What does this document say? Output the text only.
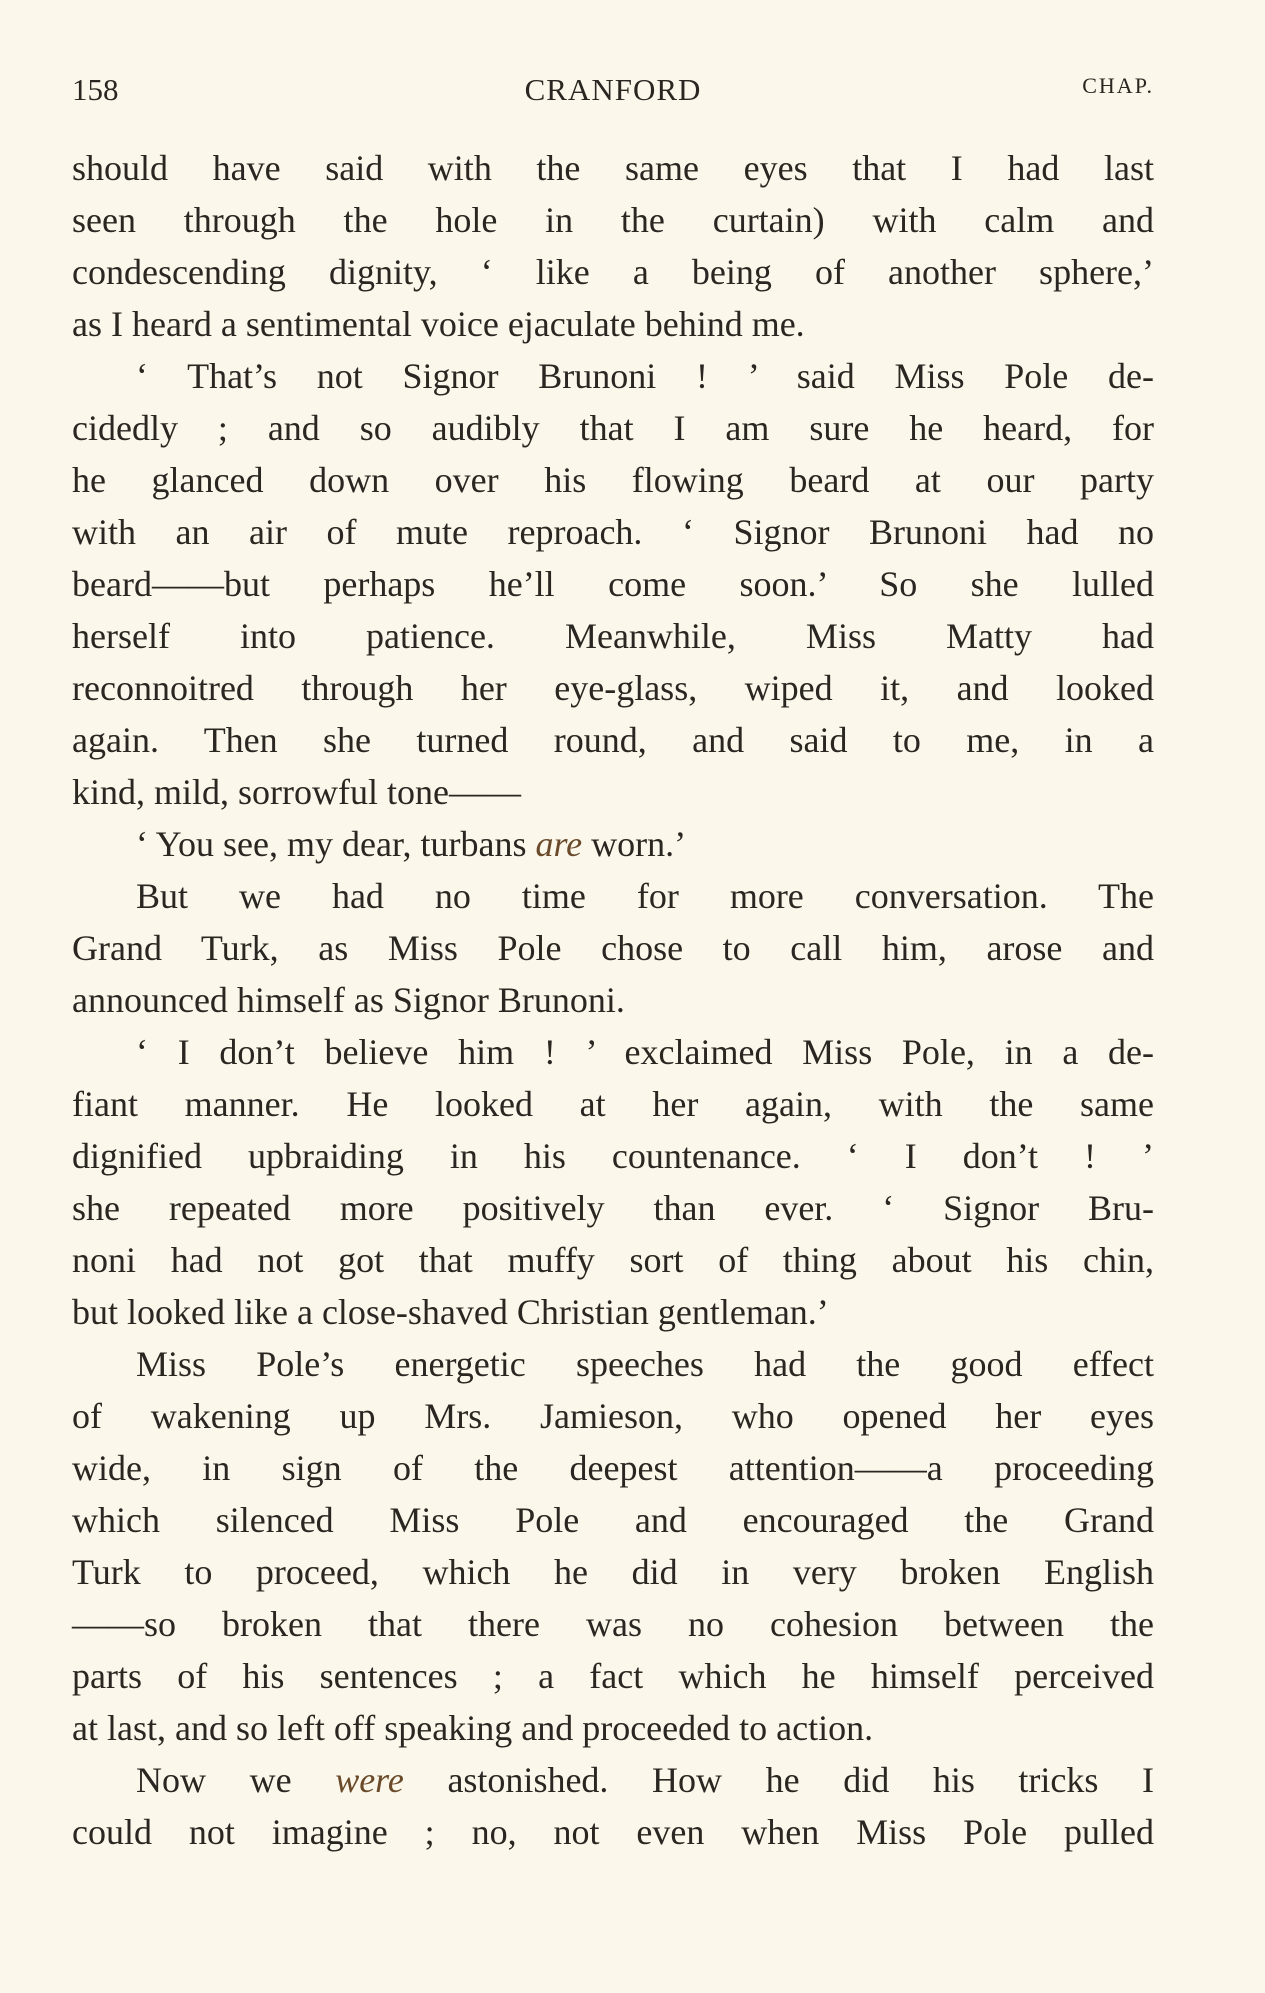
158	CRANFORD	CHAP.
should have said with the same eyes that I had last
seen through the hole in the curtain) with calm and
condescending dignity, ‘ like a being of another sphere,’
as I heard a sentimental voice ejaculate behind me.
‘ That’s not Signor Brunoni ! ’ said Miss Pole de-
cidedly ; and so audibly that I am sure he heard, for
he glanced down over his flowing beard at our party
with an air of mute reproach. ‘ Signor Brunoni had no
beard——but perhaps he’ll come soon.’ So she lulled
herself into patience. Meanwhile, Miss Matty had
reconnoitred through her eye-glass, wiped it, and looked
again. Then she turned round, and said to me, in a
kind, mild, sorrowful tone——
‘ You see, my dear, turbans are worn.’
But we had no time for more conversation. The
Grand Turk, as Miss Pole chose to call him, arose and
announced himself as Signor Brunoni.
‘ I don’t believe him ! ’ exclaimed Miss Pole, in a de-
fiant manner. He looked at her again, with the same
dignified upbraiding in his countenance. ‘ I don’t ! ’
she repeated more positively than ever. ‘ Signor Bru-
noni had not got that muffy sort of thing about his chin,
but looked like a close-shaved Christian gentleman.’
Miss Pole’s energetic speeches had the good effect
of wakening up Mrs. Jamieson, who opened her eyes
wide, in sign of the deepest attention——a proceeding
which silenced Miss Pole and encouraged the Grand
Turk to proceed, which he did in very broken English
——so broken that there was no cohesion between the
parts of his sentences ; a fact which he himself perceived
at last, and so left off speaking and proceeded to action.
Now we were astonished. How he did his tricks I
could not imagine ; no, not even when Miss Pole pulled
